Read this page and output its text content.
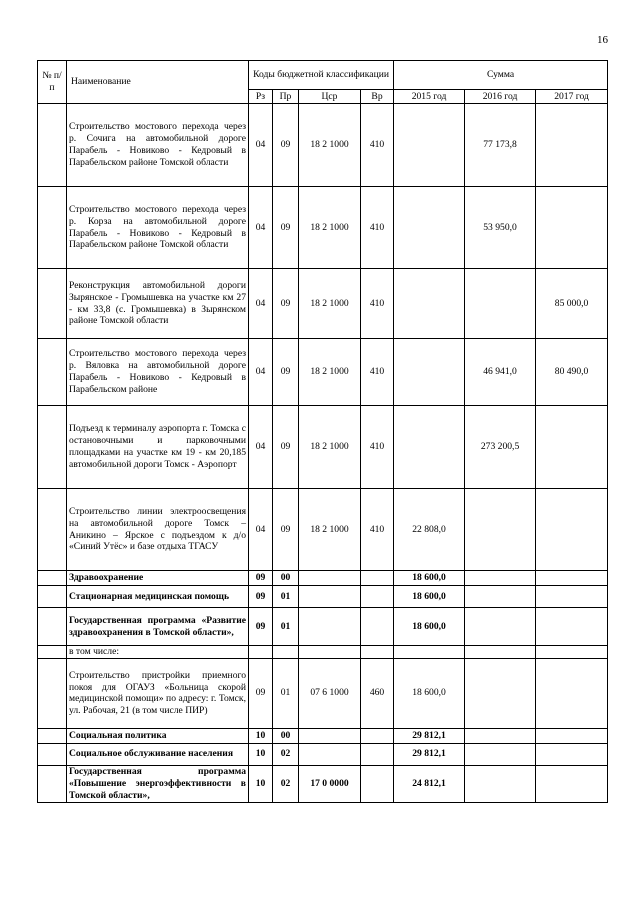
16
№ п/п	Наименование	Коды бюджетной классификации				Сумма		
		Рз	Пр	Цср	Вр	2015 год	2016 год	2017 год
	Строительство мостового перехода через р. Сочига на автомобильной дороге Парабель - Новиково - Кедровый в Парабельском районе Томской области	04	09	18 2 1000	410		77 173,8	
	Строительство мостового перехода через р. Корза на автомобильной дороге Парабель - Новиково - Кедровый в Парабельском районе Томской области	04	09	18 2 1000	410		53 950,0	
	Реконструкция автомобильной дороги Зырянское - Громышевка на участке км 27 - км 33,8 (с. Громышевка) в Зырянском районе Томской области	04	09	18 2 1000	410			85 000,0
	Строительство мостового перехода через р. Вяловка на автомобильной дороге Парабель - Новиково - Кедровый в Парабельском районе	04	09	18 2 1000	410		46 941,0	80 490,0
	Подъезд к терминалу аэропорта г. Томска с остановочными и парковочными площадками на участке км 19 - км 20,185 автомобильной дороги Томск - Аэропорт	04	09	18 2 1000	410		273 200,5	
	Строительство линии электроосвещения на автомобильной дороге Томск – Аникино – Ярское с подъездом к д/о «Синий Утёс» и базе отдыха ТГАСУ	04	09	18 2 1000	410	22 808,0		
	Здравоохранение	09	00			18 600,0		
	Стационарная медицинская помощь	09	01			18 600,0		
	Государственная программа «Развитие здравоохранения в Томской области»,	09	01			18 600,0		
	в том числе:							
	Строительство пристройки приемного покоя для ОГАУЗ «Больница скорой медицинской помощи» по адресу: г. Томск, ул. Рабочая, 21 (в том числе ПИР)	09	01	07 6 1000	460	18 600,0		
	Социальная политика	10	00			29 812,1		
	Социальное обслуживание населения	10	02			29 812,1		
	Государственная программа «Повышение энергоэффективности в Томской области»,	10	02	17 0 0000		24 812,1		
